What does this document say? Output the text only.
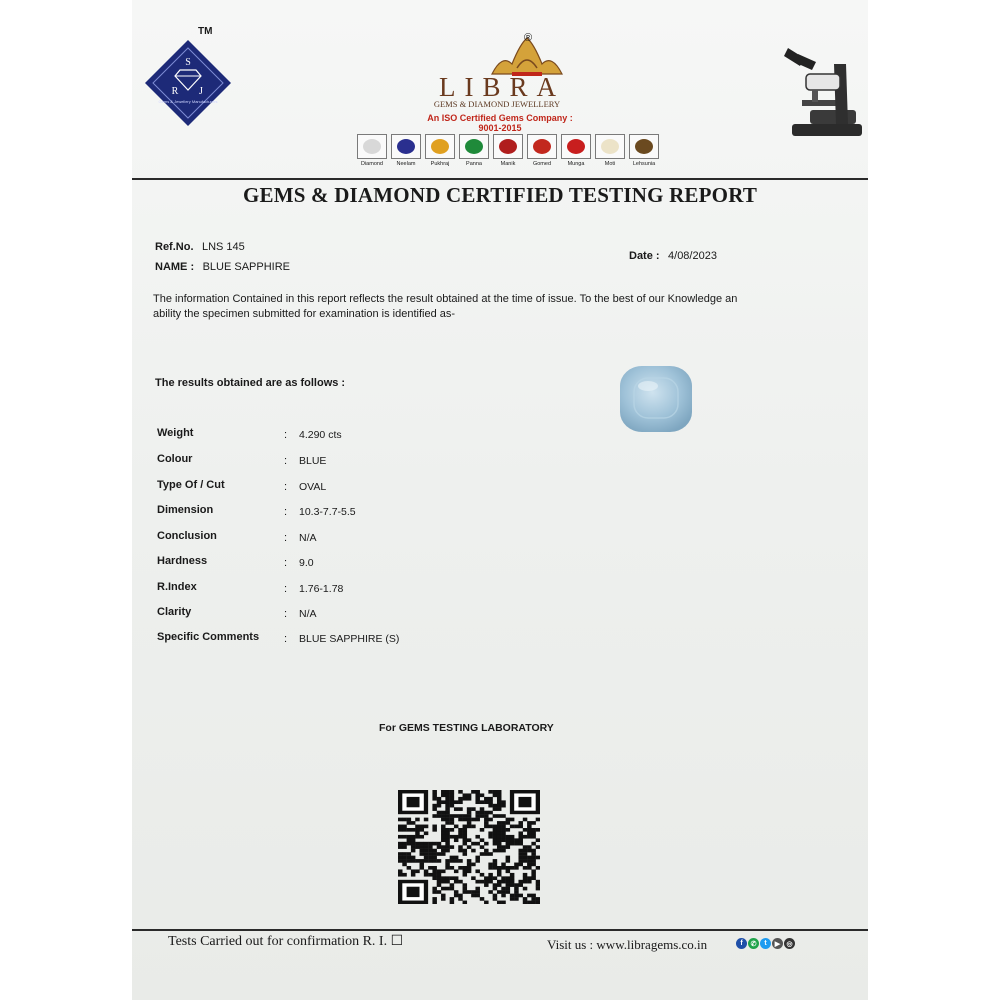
TM
S
R J
Gems & Jewellery Manufacturers
®
LIBRA
GEMS & DIAMOND JEWELLERY
An ISO Certified Gems Company : 9001-2015
Diamond Neelam	Pukhraj	Panna	Manik	Gomed	Munga	Moti	Lehsunia
GEMS & DIAMOND CERTIFIED TESTING REPORT
Ref.No. LNS 145
NAME : BLUE SAPPHIRE
Date : 4/08/2023
The information Contained in this report reflects the result obtained at the time of issue. To the best of our Knowledge an ability the specimen submitted for examination is identified as-
The results obtained are as follows :
Weight	: 4.290 cts
Colour	: BLUE
Type Of / Cut	: OVAL
Dimension	: 10.3-7.7-5.5
Conclusion	: N/A
Hardness	: 9.0
R.Index	: 1.76-1.78
Clarity	: N/A
Specific Comments : BLUE SAPPHIRE (S)
For GEMS TESTING LABORATORY
Tests Carried out for confirmation R. I. ☐	Visit us : www.libragems.co.in	f	✆	t	▶ ◎
